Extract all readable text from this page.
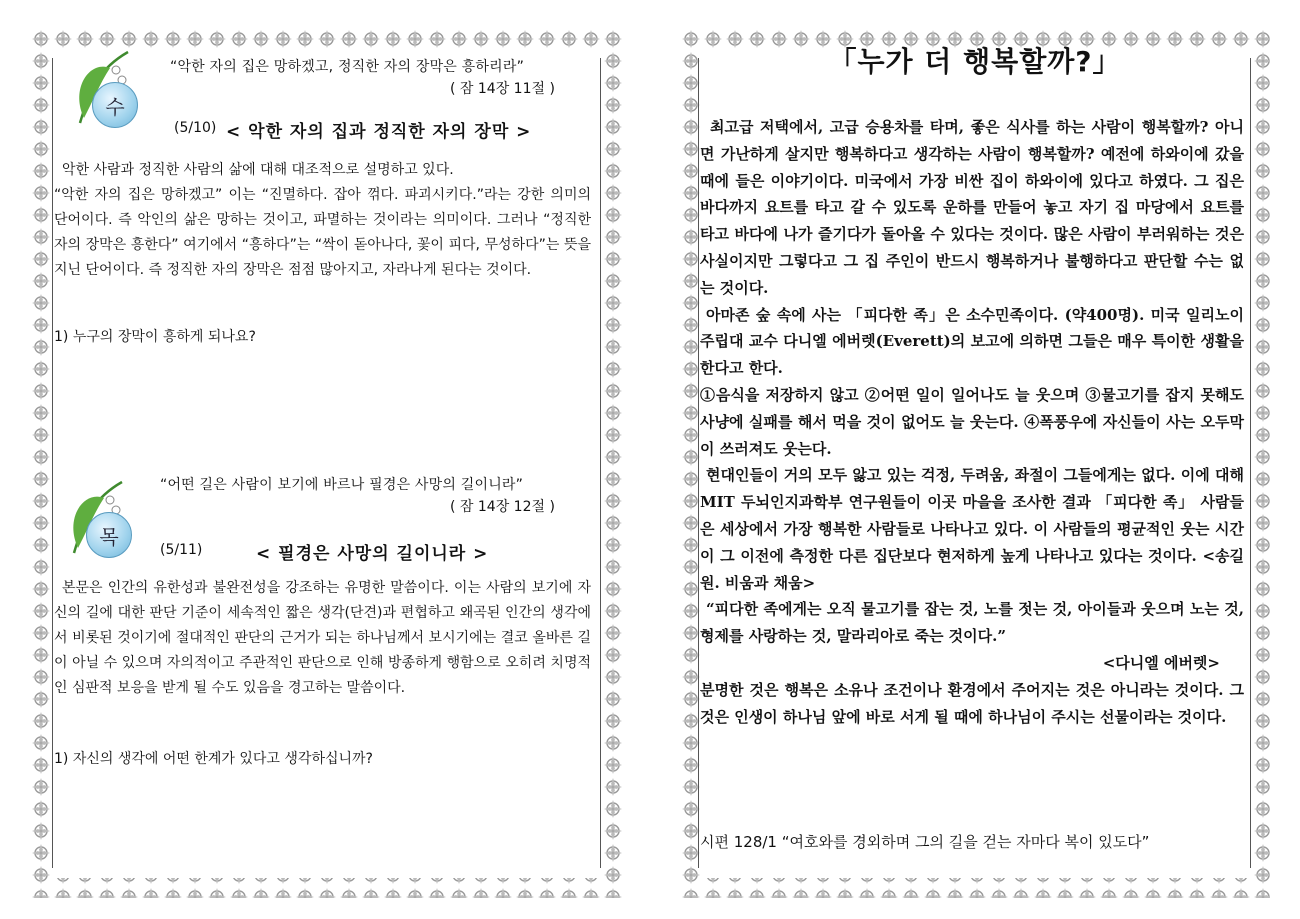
수
“악한 자의 집은 망하겠고, 정직한 자의 장막은 흥하리라”
( 잠 14장 11절 )
(5/10) < 악한 자의 집과 정직한 자의 장막 >

악한 사람과 정직한 사람의 삶에 대해 대조적으로 설명하고 있다.

“악한 자의 집은 망하겠고” 이는 “진멸하다. 잡아 꺾다. 파괴시키다.”라는 강한 의미의 단어이다. 즉 악인의 삶은 망하는 것이고, 파멸하는 것이라는 의미이다. 그러나 “정직한 자의 장막은 흥한다” 여기에서 “흥하다”는 “싹이 돋아나다, 꽃이 피다, 무성하다”는 뜻을 지닌 단어이다. 즉 정직한 자의 장막은 점점 많아지고, 자라나게 된다는 것이다.

1) 누구의 장막이 흥하게 되나요?
목
“어떤 길은 사람이 보기에 바르나 필경은 사망의 길이니라”
( 잠 14장 12절 )
(5/11)	< 필경은 사망의 길이니라 >
본문은 인간의 유한성과 불완전성을 강조하는 유명한 말씀이다. 이는 사람의 보기에 자신의 길에 대한 판단 기준이 세속적인 짧은 생각(단견)과 편협하고 왜곡된 인간의 생각에서 비롯된 것이기에 절대적인 판단의 근거가 되는 하나님께서 보시기에는 결코 올바른 길이 아닐 수 있으며 자의적이고 주관적인 판단으로 인해 방종하게 행함으로 오히려 치명적인 심판적 보응을 받게 될 수도 있음을 경고하는 말씀이다.
1) 자신의 생각에 어떤 한계가 있다고 생각하십니까?
「누가 더 행복할까?」

최고급 저택에서, 고급 승용차를 타며, 좋은 식사를 하는 사람이 행복할까? 아니면 가난하게 살지만 행복하다고 생각하는 사람이 행복할까? 예전에 하와이에 갔을 때에 들은 이야기이다. 미국에서 가장 비싼 집이 하와이에 있다고 하였다. 그 집은 바다까지 요트를 타고 갈 수 있도록 운하를 만들어 놓고 자기 집 마당에서 요트를 타고 바다에 나가 즐기다가 돌아올 수 있다는 것이다. 많은 사람이 부러워하는 것은 사실이지만 그렇다고 그 집 주인이 반드시 행복하거나 불행하다고 판단할 수는 없는 것이다.

아마존 숲 속에 사는 「피다한 족」은 소수민족이다. (약400명). 미국 일리노이 주립대 교수 다니엘 에버렛(Everett)의 보고에 의하면 그들은 매우 특이한 생활을 한다고 한다.

①음식을 저장하지 않고 ②어떤 일이 일어나도 늘 웃으며 ③물고기를 잡지 못해도 사냥에 실패를 해서 먹을 것이 없어도 늘 웃는다. ④폭풍우에 자신들이 사는 오두막이 쓰러져도 웃는다.

현대인들이 거의 모두 앓고 있는 걱정, 두려움, 좌절이 그들에게는 없다. 이에 대해 MIT 두뇌인지과학부 연구원들이 이곳 마을을 조사한 결과 「피다한 족」 사람들은 세상에서 가장 행복한 사람들로 나타나고 있다. 이 사람들의 평균적인 웃는 시간이 그 이전에 측정한 다른 집단보다 현저하게 높게 나타나고 있다는 것이다. <송길원. 비움과 채움>

“피다한 족에게는 오직 물고기를 잡는 것, 노를 젓는 것, 아이들과 웃으며 노는 것, 형제를 사랑하는 것, 말라리아로 죽는 것이다.”

<다니엘 에버렛>

분명한 것은 행복은 소유나 조건이나 환경에서 주어지는 것은 아니라는 것이다. 그것은 인생이 하나님 앞에 바로 서게 될 때에 하나님이 주시는 선물이라는 것이다.

시편 128/1 “여호와를 경외하며 그의 길을 걷는 자마다 복이 있도다”
